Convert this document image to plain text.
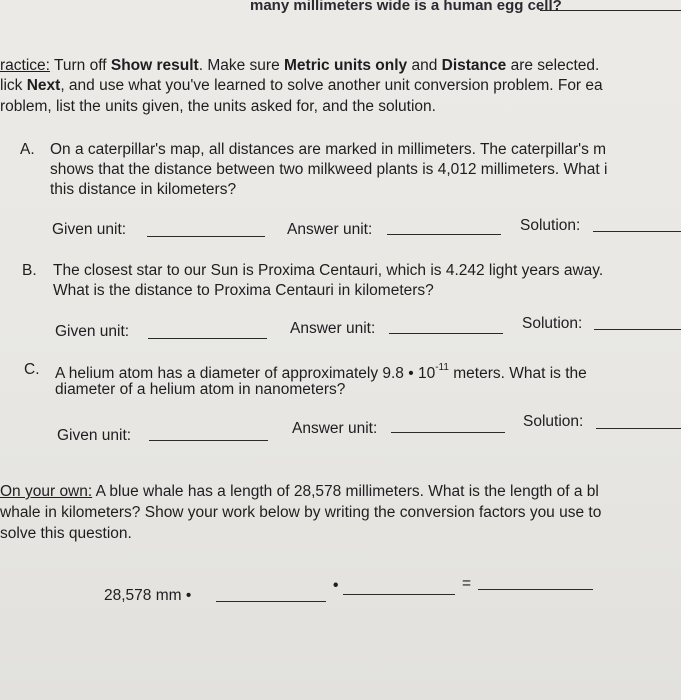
many millimeters wide is a human egg cell?
ractice: Turn off Show result. Make sure Metric units only and Distance are selected.
lick Next, and use what you've learned to solve another unit conversion problem. For ea
roblem, list the units given, the units asked for, and the solution.
A. On a caterpillar's map, all distances are marked in millimeters. The caterpillar's m
shows that the distance between two milkweed plants is 4,012 millimeters. What i
this distance in kilometers?
Given unit:	Answer unit:	Solution:
B. The closest star to our Sun is Proxima Centauri, which is 4.242 light years away.
What is the distance to Proxima Centauri in kilometers?
Given unit:	Answer unit:	Solution:
C. A helium atom has a diameter of approximately 9.8 • $10^{-11}$ meters. What is the
diameter of a helium atom in nanometers?
Given unit:	Answer unit:	Solution:
On your own: A blue whale has a length of 28,578 millimeters. What is the length of a bl
whale in kilometers? Show your work below by writing the conversion factors you use to
solve this question.
28,578 mm •
•	=
